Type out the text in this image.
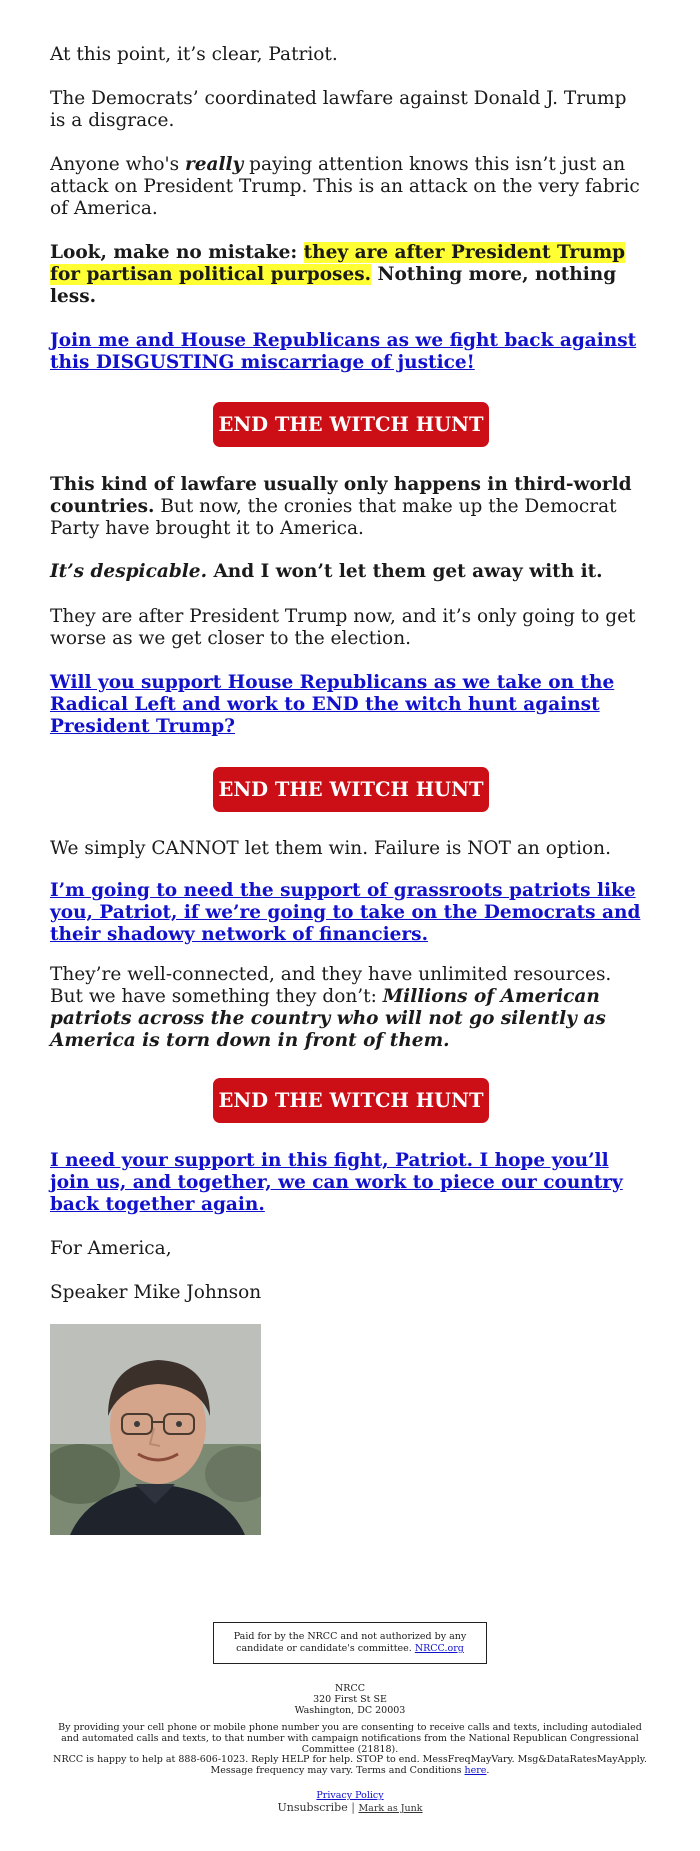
At this point, it’s clear, Patriot.

The Democrats’ coordinated lawfare against Donald J. Trump is a disgrace.

Anyone who's really paying attention knows this isn’t just an attack on President Trump. This is an attack on the very fabric of America.

Look, make no mistake: they are after President Trump for partisan political purposes. Nothing more, nothing less.

Join me and House Republicans as we fight back against this DISGUSTING miscarriage of justice!

END THE WITCH HUNT

This kind of lawfare usually only happens in third-world countries. But now, the cronies that make up the Democrat Party have brought it to America.

It’s despicable. And I won’t let them get away with it.

They are after President Trump now, and it’s only going to get worse as we get closer to the election.

Will you support House Republicans as we take on the Radical Left and work to END the witch hunt against President Trump?

END THE WITCH HUNT

We simply CANNOT let them win. Failure is NOT an option.

I’m going to need the support of grassroots patriots like you, Patriot, if we’re going to take on the Democrats and their shadowy network of financiers.

They’re well-connected, and they have unlimited resources. But we have something they don’t: Millions of American patriots across the country who will not go silently as America is torn down in front of them.

END THE WITCH HUNT

I need your support in this fight, Patriot. I hope you’ll join us, and together, we can work to piece our country back together again.

For America,

Speaker Mike Johnson

Paid for by the NRCC and not authorized by any candidate or candidate's committee. NRCC.org
NRCC
320 First St SE
Washington, DC 20003
By providing your cell phone or mobile phone number you are consenting to receive calls and texts, including autodialed and automated calls and texts, to that number with campaign notifications from the National Republican Congressional Committee (21818).
NRCC is happy to help at 888-606-1023. Reply HELP for help. STOP to end. MessFreqMayVary. Msg&DataRatesMayApply. Message frequency may vary. Terms and Conditions here.
Privacy Policy
Unsubscribe | Mark as Junk
